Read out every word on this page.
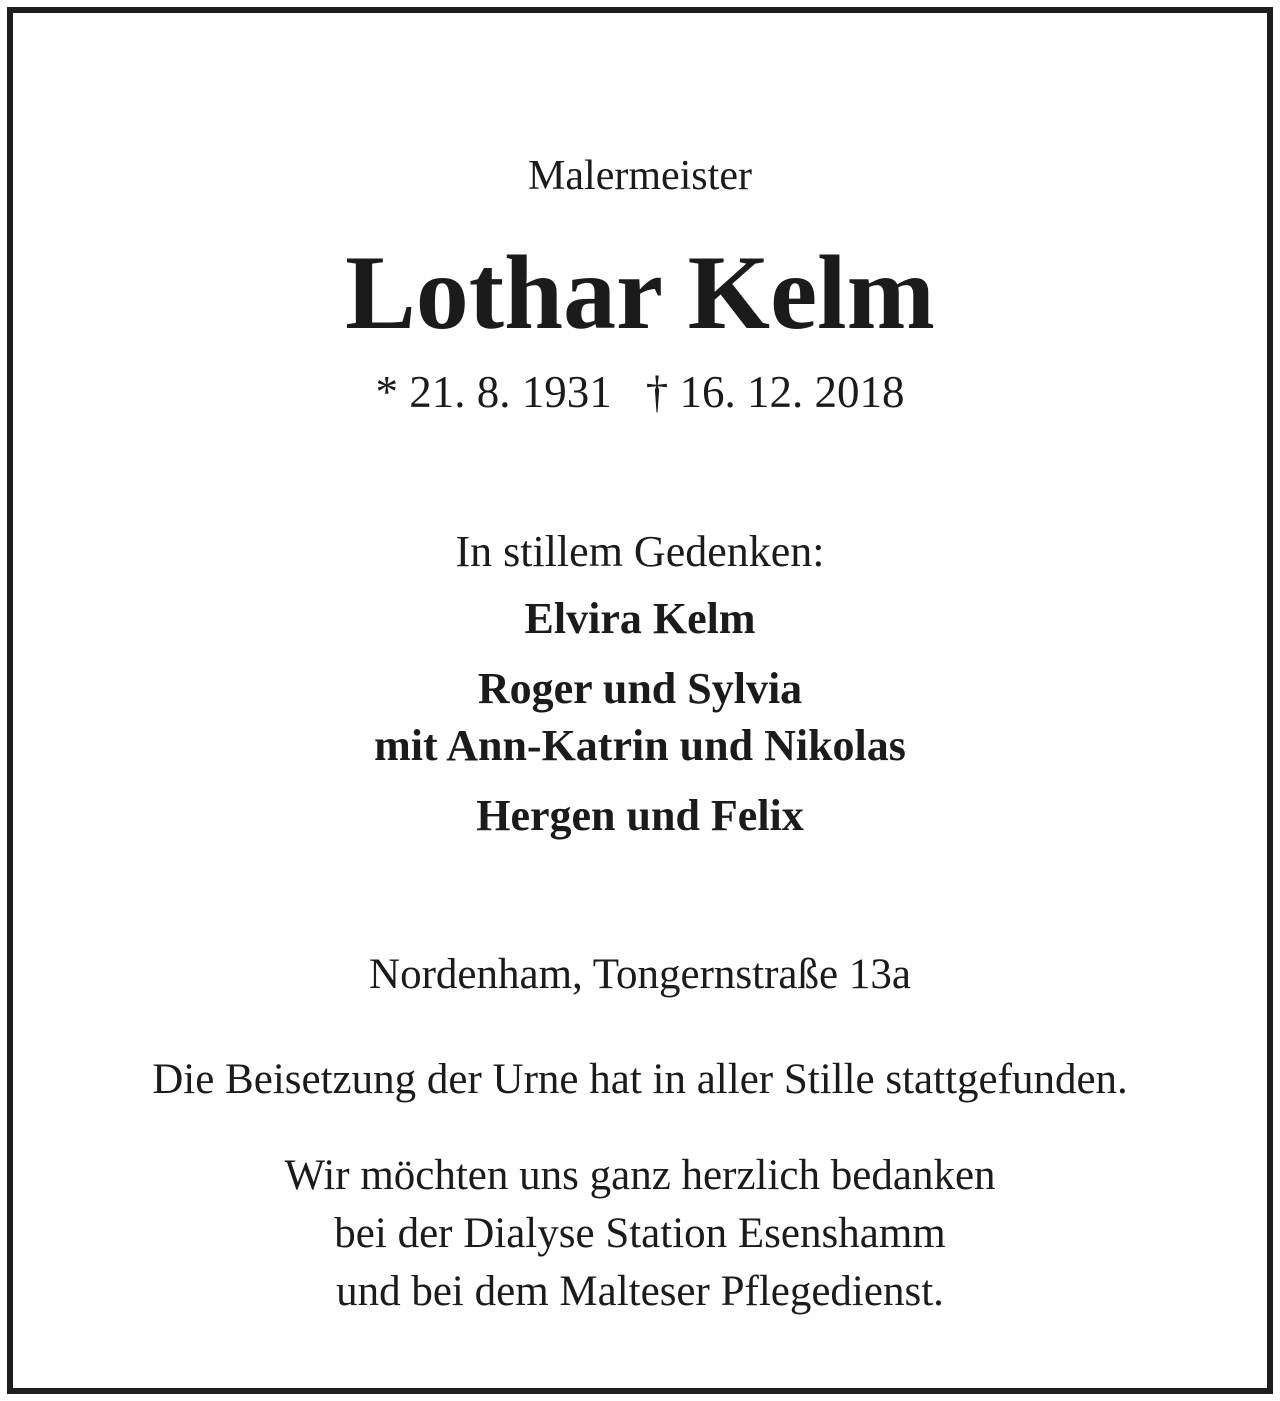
Malermeister
Lothar Kelm
* 21. 8. 1931 † 16. 12. 2018
In stillem Gedenken:
Elvira Kelm
Roger und Sylvia
mit Ann-Katrin und Nikolas
Hergen und Felix
Nordenham, Tongernstraße 13a
Die Beisetzung der Urne hat in aller Stille stattgefunden.
Wir möchten uns ganz herzlich bedanken
bei der Dialyse Station Esenshamm
und bei dem Malteser Pflegedienst.
